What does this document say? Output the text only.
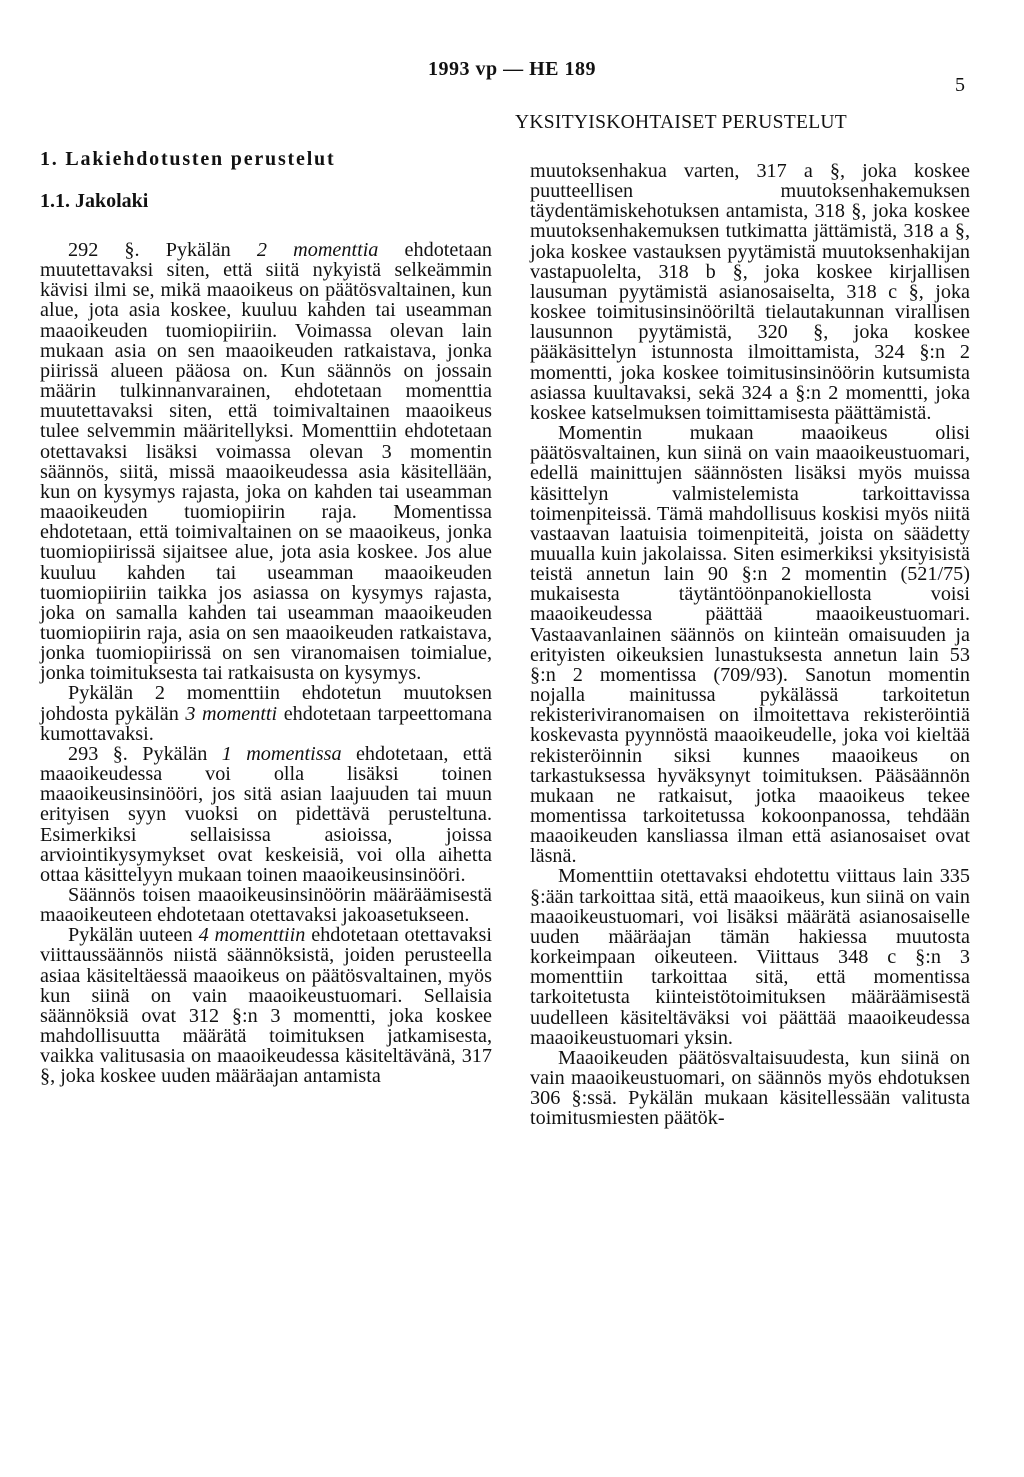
1993 vp — HE 189
5
YKSITYISKOHTAISET PERUSTELUT
1. Lakiehdotusten perustelut
1.1. Jakolaki

292 §. Pykälän 2 momenttia ehdotetaan muutettavaksi siten, että siitä nykyistä selkeämmin kävisi ilmi se, mikä maaoikeus on päätösvaltainen, kun alue, jota asia koskee, kuuluu kahden tai useamman maaoikeuden tuomiopiiriin. Voimassa olevan lain mukaan asia on sen maaoikeuden ratkaistava, jonka piirissä alueen pääosa on. Kun säännös on jossain määrin tulkinnanvarainen, ehdotetaan momenttia muutettavaksi siten, että toimivaltainen maaoikeus tulee selvemmin määritellyksi. Momenttiin ehdotetaan otettavaksi lisäksi voimassa olevan 3 momentin säännös, siitä, missä maaoikeudessa asia käsitellään, kun on kysymys rajasta, joka on kahden tai useamman maaoikeuden tuomiopiirin raja. Momentissa ehdotetaan, että toimivaltainen on se maaoikeus, jonka tuomiopiirissä sijaitsee alue, jota asia koskee. Jos alue kuuluu kahden tai useamman maaoikeuden tuomiopiiriin taikka jos asiassa on kysymys rajasta, joka on samalla kahden tai useamman maaoikeuden tuomiopiirin raja, asia on sen maaoikeuden ratkaistava, jonka tuomiopiirissä on sen viranomaisen toimialue, jonka toimituksesta tai ratkaisusta on kysymys.

Pykälän 2 momenttiin ehdotetun muutoksen johdosta pykälän 3 momentti ehdotetaan tarpeettomana kumottavaksi.

293 §. Pykälän 1 momentissa ehdotetaan, että maaoikeudessa voi olla lisäksi toinen maaoikeusinsinööri, jos sitä asian laajuuden tai muun erityisen syyn vuoksi on pidettävä perusteltuna. Esimerkiksi sellaisissa asioissa, joissa arviointikysymykset ovat keskeisiä, voi olla aihetta ottaa käsittelyyn mukaan toinen maaoikeusinsinööri.

Säännös toisen maaoikeusinsinöörin määräämisestä maaoikeuteen ehdotetaan otettavaksi jakoasetukseen.

Pykälän uuteen 4 momenttiin ehdotetaan otettavaksi viittaussäännös niistä säännöksistä, joiden perusteella asiaa käsiteltäessä maaoikeus on päätösvaltainen, myös kun siinä on vain maaoikeustuomari. Sellaisia säännöksiä ovat 312 §:n 3 momentti, joka koskee mahdollisuutta määrätä toimituksen jatkamisesta, vaikka valitusasia on maaoikeudessa käsiteltävänä, 317 §, joka koskee uuden määräajan antamista

muutoksenhakua varten, 317 a §, joka koskee puutteellisen muutoksenhakemuksen täydentämiskehotuksen antamista, 318 §, joka koskee muutoksenhakemuksen tutkimatta jättämistä, 318 a §, joka koskee vastauksen pyytämistä muutoksenhakijan vastapuolelta, 318 b §, joka koskee kirjallisen lausuman pyytämistä asianosaiselta, 318 c §, joka koskee toimitusinsinööriltä tielautakunnan virallisen lausunnon pyytämistä, 320 §, joka koskee pääkäsittelyn istunnosta ilmoittamista, 324 §:n 2 momentti, joka koskee toimitusinsinöörin kutsumista asiassa kuultavaksi, sekä 324 a §:n 2 momentti, joka koskee katselmuksen toimittamisesta päättämistä.

Momentin mukaan maaoikeus olisi päätösvaltainen, kun siinä on vain maaoikeustuomari, edellä mainittujen säännösten lisäksi myös muissa käsittelyn valmistelemista tarkoittavissa toimenpiteissä. Tämä mahdollisuus koskisi myös niitä vastaavan laatuisia toimenpiteitä, joista on säädetty muualla kuin jakolaissa. Siten esimerkiksi yksityisistä teistä annetun lain 90 §:n 2 momentin (521/75) mukaisesta täytäntöönpanokiellosta voisi maaoikeudessa päättää maaoikeustuomari. Vastaavanlainen säännös on kiinteän omaisuuden ja erityisten oikeuksien lunastuksesta annetun lain 53 §:n 2 momentissa (709/93). Sanotun momentin nojalla mainitussa pykälässä tarkoitetun rekisteriviranomaisen on ilmoitettava rekisteröintiä koskevasta pyynnöstä maaoikeudelle, joka voi kieltää rekisteröinnin siksi kunnes maaoikeus on tarkastuksessa hyväksynyt toimituksen. Pääsäännön mukaan ne ratkaisut, jotka maaoikeus tekee momentissa tarkoitetussa kokoonpanossa, tehdään maaoikeuden kansliassa ilman että asianosaiset ovat läsnä.

Momenttiin otettavaksi ehdotettu viittaus lain 335 §:ään tarkoittaa sitä, että maaoikeus, kun siinä on vain maaoikeustuomari, voi lisäksi määrätä asianosaiselle uuden määräajan tämän hakiessa muutosta korkeimpaan oikeuteen. Viittaus 348 c §:n 3 momenttiin tarkoittaa sitä, että momentissa tarkoitetusta kiinteistötoimituksen määräämisestä uudelleen käsiteltäväksi voi päättää maaoikeudessa maaoikeustuomari yksin.

Maaoikeuden päätösvaltaisuudesta, kun siinä on vain maaoikeustuomari, on säännös myös ehdotuksen 306 §:ssä. Pykälän mukaan käsitellessään valitusta toimitusmiesten päätök-
